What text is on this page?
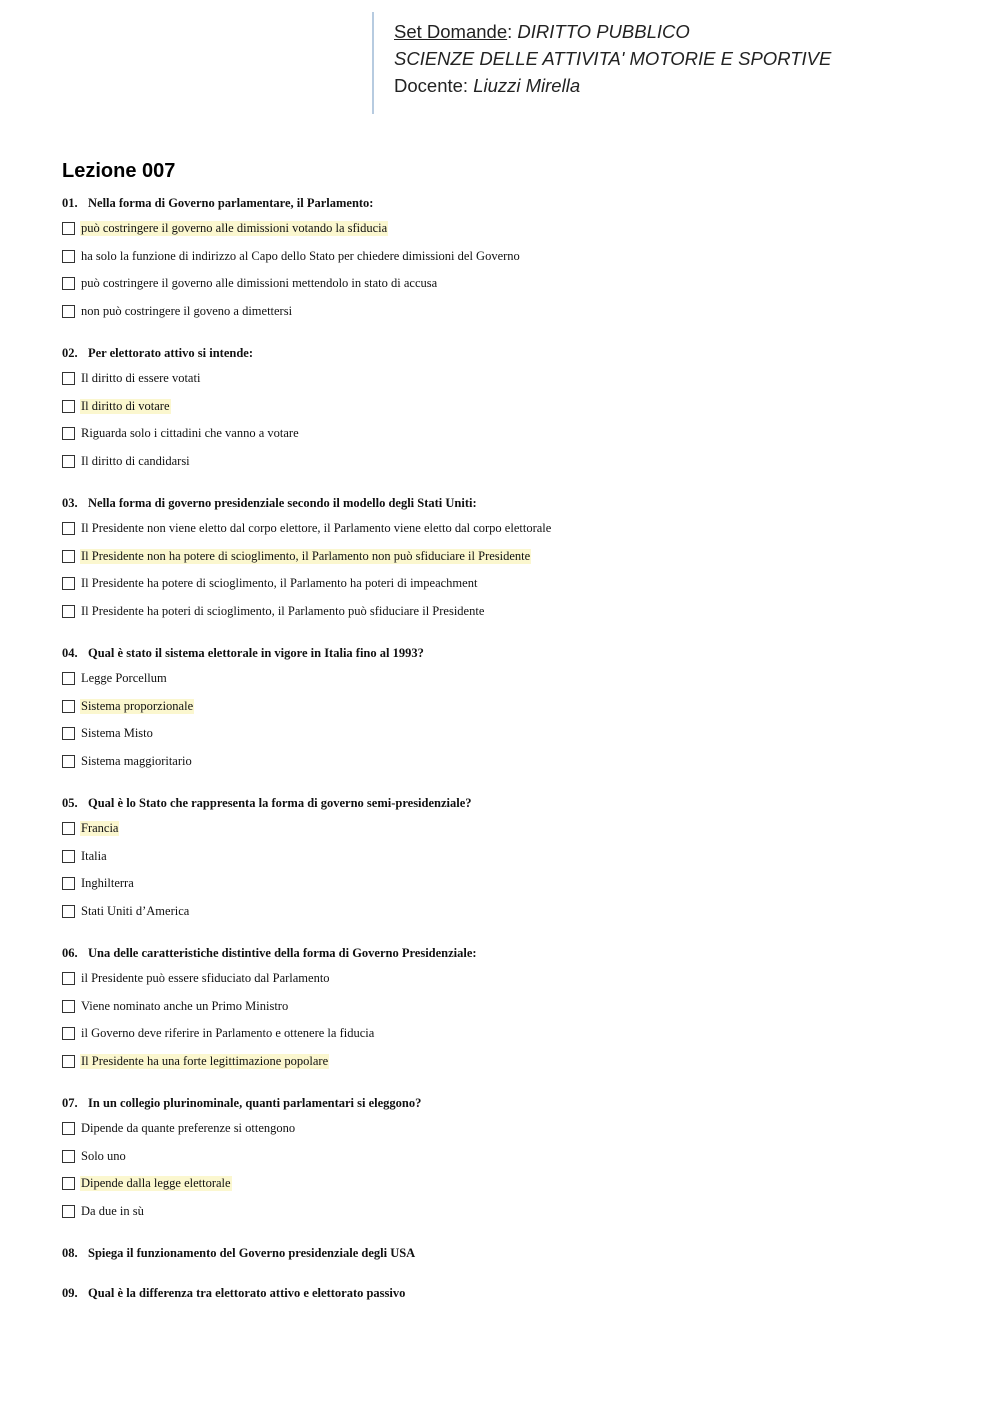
Set Domande: DIRITTO PUBBLICO
SCIENZE DELLE ATTIVITA' MOTORIE E SPORTIVE
Docente: Liuzzi Mirella
Lezione 007
01. Nella forma di Governo parlamentare, il Parlamento:
può costringere il governo alle dimissioni votando la sfiducia
ha solo la funzione di indirizzo al Capo dello Stato per chiedere dimissioni del Governo
può costringere il governo alle dimissioni mettendolo in stato di accusa
non può costringere il goveno a dimettersi
02. Per elettorato attivo si intende:
Il diritto di essere votati
Il diritto di votare
Riguarda solo i cittadini che vanno a votare
Il diritto di candidarsi
03. Nella forma di governo presidenziale secondo il modello degli Stati Uniti:
Il Presidente non viene eletto dal corpo elettore, il Parlamento viene eletto dal corpo elettorale
Il Presidente non ha potere di scioglimento, il Parlamento non può sfiduciare il Presidente
Il Presidente ha potere di scioglimento, il Parlamento ha poteri di impeachment
Il Presidente ha poteri di scioglimento, il Parlamento può sfiduciare il Presidente
04. Qual è stato il sistema elettorale in vigore in Italia fino al 1993?
Legge Porcellum
Sistema proporzionale
Sistema Misto
Sistema maggioritario
05. Qual è lo Stato che rappresenta la forma di governo semi-presidenziale?
Francia
Italia
Inghilterra
Stati Uniti d’America
06. Una delle caratteristiche distintive della forma di Governo Presidenziale:
il Presidente può essere sfiduciato dal Parlamento
Viene nominato anche un Primo Ministro
il Governo deve riferire in Parlamento e ottenere la fiducia
Il Presidente ha una forte legittimazione popolare
07. In un collegio plurinominale, quanti parlamentari si eleggono?
Dipende da quante preferenze si ottengono
Solo uno
Dipende dalla legge elettorale
Da due in sù
08. Spiega il funzionamento del Governo presidenziale degli USA
09. Qual è la differenza tra elettorato attivo e elettorato passivo
